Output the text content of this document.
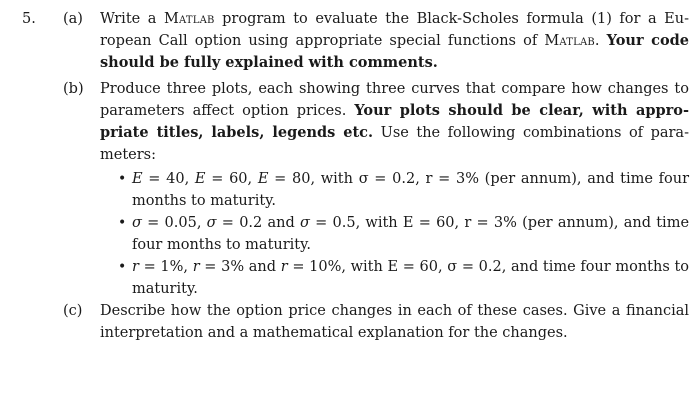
5. (a) Write a Matlab program to evaluate the Black-Scholes formula (1) for a European Call option using appropriate special functions of Matlab. Your code should be fully explained with comments.
(b) Produce three plots, each showing three curves that compare how changes to parameters affect option prices. Your plots should be clear, with appropriate titles, labels, legends etc. Use the following combinations of parameters:
• E = 40, E = 60, E = 80, with σ = 0.2, r = 3% (per annum), and time four months to maturity.
• σ = 0.05, σ = 0.2 and σ = 0.5, with E = 60, r = 3% (per annum), and time four months to maturity.
• r = 1%, r = 3% and r = 10%, with E = 60, σ = 0.2, and time four months to maturity.
(c) Describe how the option price changes in each of these cases. Give a financial interpretation and a mathematical explanation for the changes.
